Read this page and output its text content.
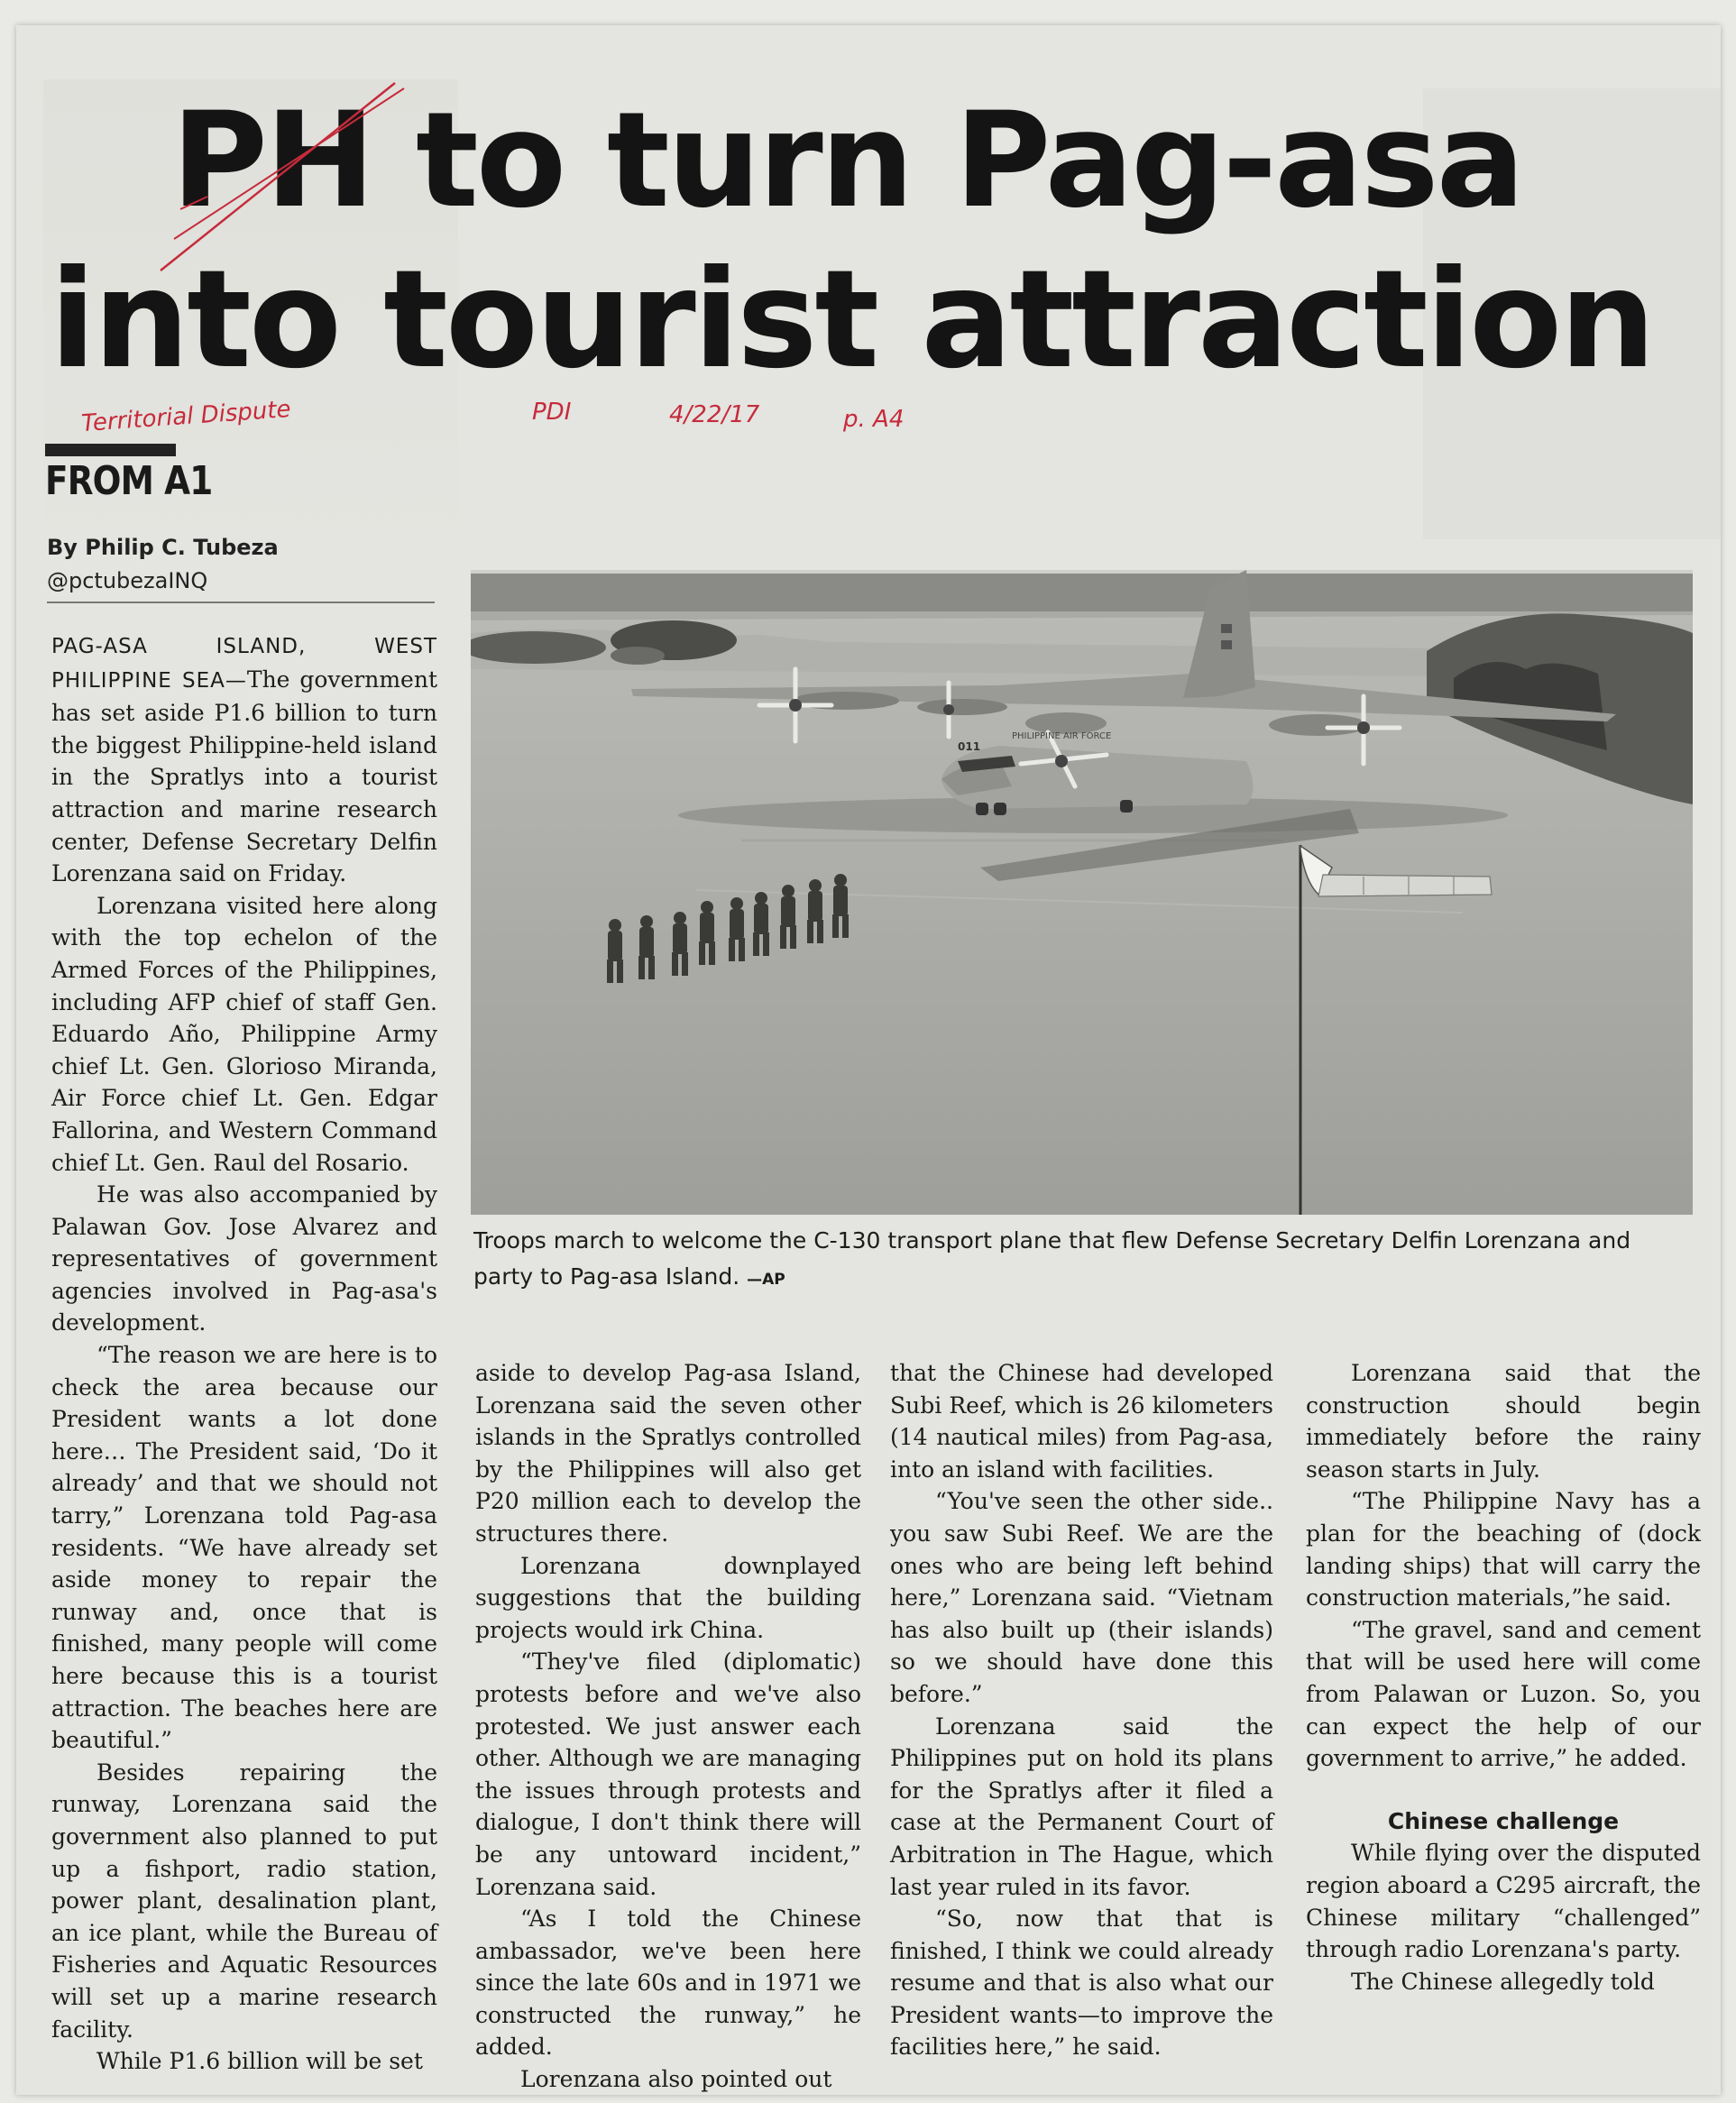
PH to turn Pag-asa
into tourist attraction
Territorial Dispute	PDI	4/22/17	p. A4
FROM A1
By Philip C. Tubeza
@pctubezaINQ
PHILIPPINE AIR FORCE
011
Troops march to welcome the C-130 transport plane that flew Defense Secretary Delfin Lorenzana and party to Pag-asa Island. —AP

PAG-ASA ISLAND, WEST PHILIPPINE SEA—The government has set aside P1.6 billion to turn the biggest Philippine-held island in the Spratlys into a tourist attraction and marine research center, Defense Secretary Delfin Lorenzana said on Friday.

Lorenzana visited here along with the top echelon of the Armed Forces of the Philippines, including AFP chief of staff Gen. Eduardo Año, Philippine Army chief Lt. Gen. Glorioso Miranda, Air Force chief Lt. Gen. Edgar Fallorina, and Western Command chief Lt. Gen. Raul del Rosario.

He was also accompanied by Palawan Gov. Jose Alvarez and representatives of government agencies involved in Pag-asa's development.

“The reason we are here is to check the area because our President wants a lot done here… The President said, ‘Do it already’ and that we should not tarry,” Lorenzana told Pag-asa residents. “We have already set aside money to repair the runway and, once that is finished, many people will come here because this is a tourist attraction. The beaches here are beautiful.”

Besides repairing the runway, Lorenzana said the government also planned to put up a fishport, radio station, power plant, desalination plant, an ice plant, while the Bureau of Fisheries and Aquatic Resources will set up a marine research facility.

While P1.6 billion will be set

aside to develop Pag-asa Island, Lorenzana said the seven other islands in the Spratlys controlled by the Philippines will also get P20 million each to develop the structures there.

Lorenzana downplayed suggestions that the building projects would irk China.

“They've filed (diplomatic) protests before and we've also protested. We just answer each other. Although we are managing the issues through protests and dialogue, I don't think there will be any untoward incident,” Lorenzana said.

“As I told the Chinese ambassador, we've been here since the late 60s and in 1971 we constructed the runway,” he added.

Lorenzana also pointed out

that the Chinese had developed Subi Reef, which is 26 kilometers (14 nautical miles) from Pag-asa, into an island with facilities.

“You've seen the other side.. you saw Subi Reef. We are the ones who are being left behind here,” Lorenzana said. “Vietnam has also built up (their islands) so we should have done this before.”

Lorenzana said the Philippines put on hold its plans for the Spratlys after it filed a case at the Permanent Court of Arbitration in The Hague, which last year ruled in its favor.

“So, now that that is finished, I think we could already resume and that is also what our President wants—to improve the facilities here,” he said.

Lorenzana said that the construction should begin immediately before the rainy season starts in July.

“The Philippine Navy has a plan for the beaching of (dock landing ships) that will carry the construction materials,”he said.

“The gravel, sand and cement that will be used here will come from Palawan or Luzon. So, you can expect the help of our government to arrive,” he added.

Chinese challenge

While flying over the disputed region aboard a C295 aircraft, the Chinese military “challenged” through radio Lorenzana's party.

The Chinese allegedly told
